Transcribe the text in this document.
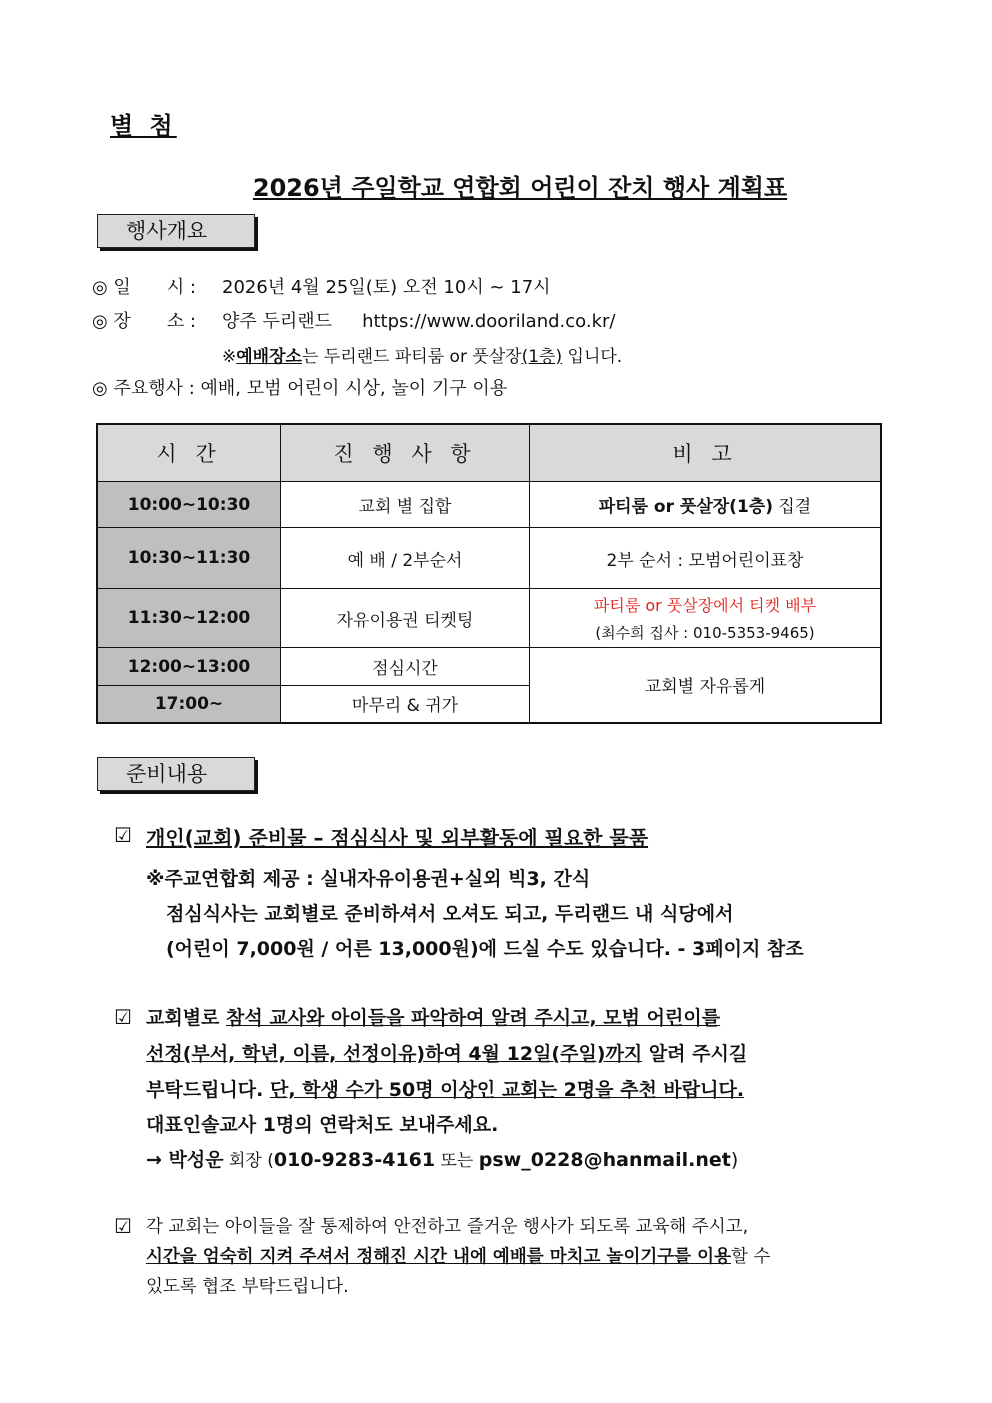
별 첨
2026년 주일학교 연합회 어린이 잔치 행사 계획표
행사개요
◎ 일　　시 : 2026년 4월 25일(토) 오전 10시 ~ 17시
◎ 장　　소 : 양주 두리랜드 https://www.dooriland.co.kr/
※예배장소는 두리랜드 파티룸 or 풋살장(1층) 입니다.
◎ 주요행사 : 예배, 모범 어린이 시상, 놀이 기구 이용
시 간	진 행 사 항	비 고
10:00~10:30	교회 별 집합	파티룸 or 풋살장(1층) 집결
10:30~11:30	예 배 / 2부순서	2부 순서 : 모범어린이표창
11:30~12:00	자유이용권 티켓팅	파티룸 or 풋살장에서 티켓 배부
(최수희 집사 : 010-5353-9465)

12:00~13:00	점심시간	교회별 자유롭게
17:00~	마무리 & 귀가	
준비내용
☑ 개인(교회) 준비물 – 점심식사 및 외부활동에 필요한 물품
※주교연합회 제공 : 실내자유이용권+실외 빅3, 간식
점심식사는 교회별로 준비하셔서 오셔도 되고, 두리랜드 내 식당에서
(어린이 7,000원 / 어른 13,000원)에 드실 수도 있습니다. - 3페이지 참조
☑ 교회별로 참석 교사와 아이들을 파악하여 알려 주시고, 모범 어린이를
선정(부서, 학년, 이름, 선정이유)하여 4월 12일(주일)까지 알려 주시길
부탁드립니다. 단, 학생 수가 50명 이상인 교회는 2명을 추천 바랍니다.
대표인솔교사 1명의 연락처도 보내주세요.
→ 박성운 회장 (010-9283-4161 또는 psw_0228@hanmail.net)
☑ 각 교회는 아이들을 잘 통제하여 안전하고 즐거운 행사가 되도록 교육해 주시고,
시간을 엄숙히 지켜 주셔서 정해진 시간 내에 예배를 마치고 놀이기구를 이용할 수
있도록 협조 부탁드립니다.
